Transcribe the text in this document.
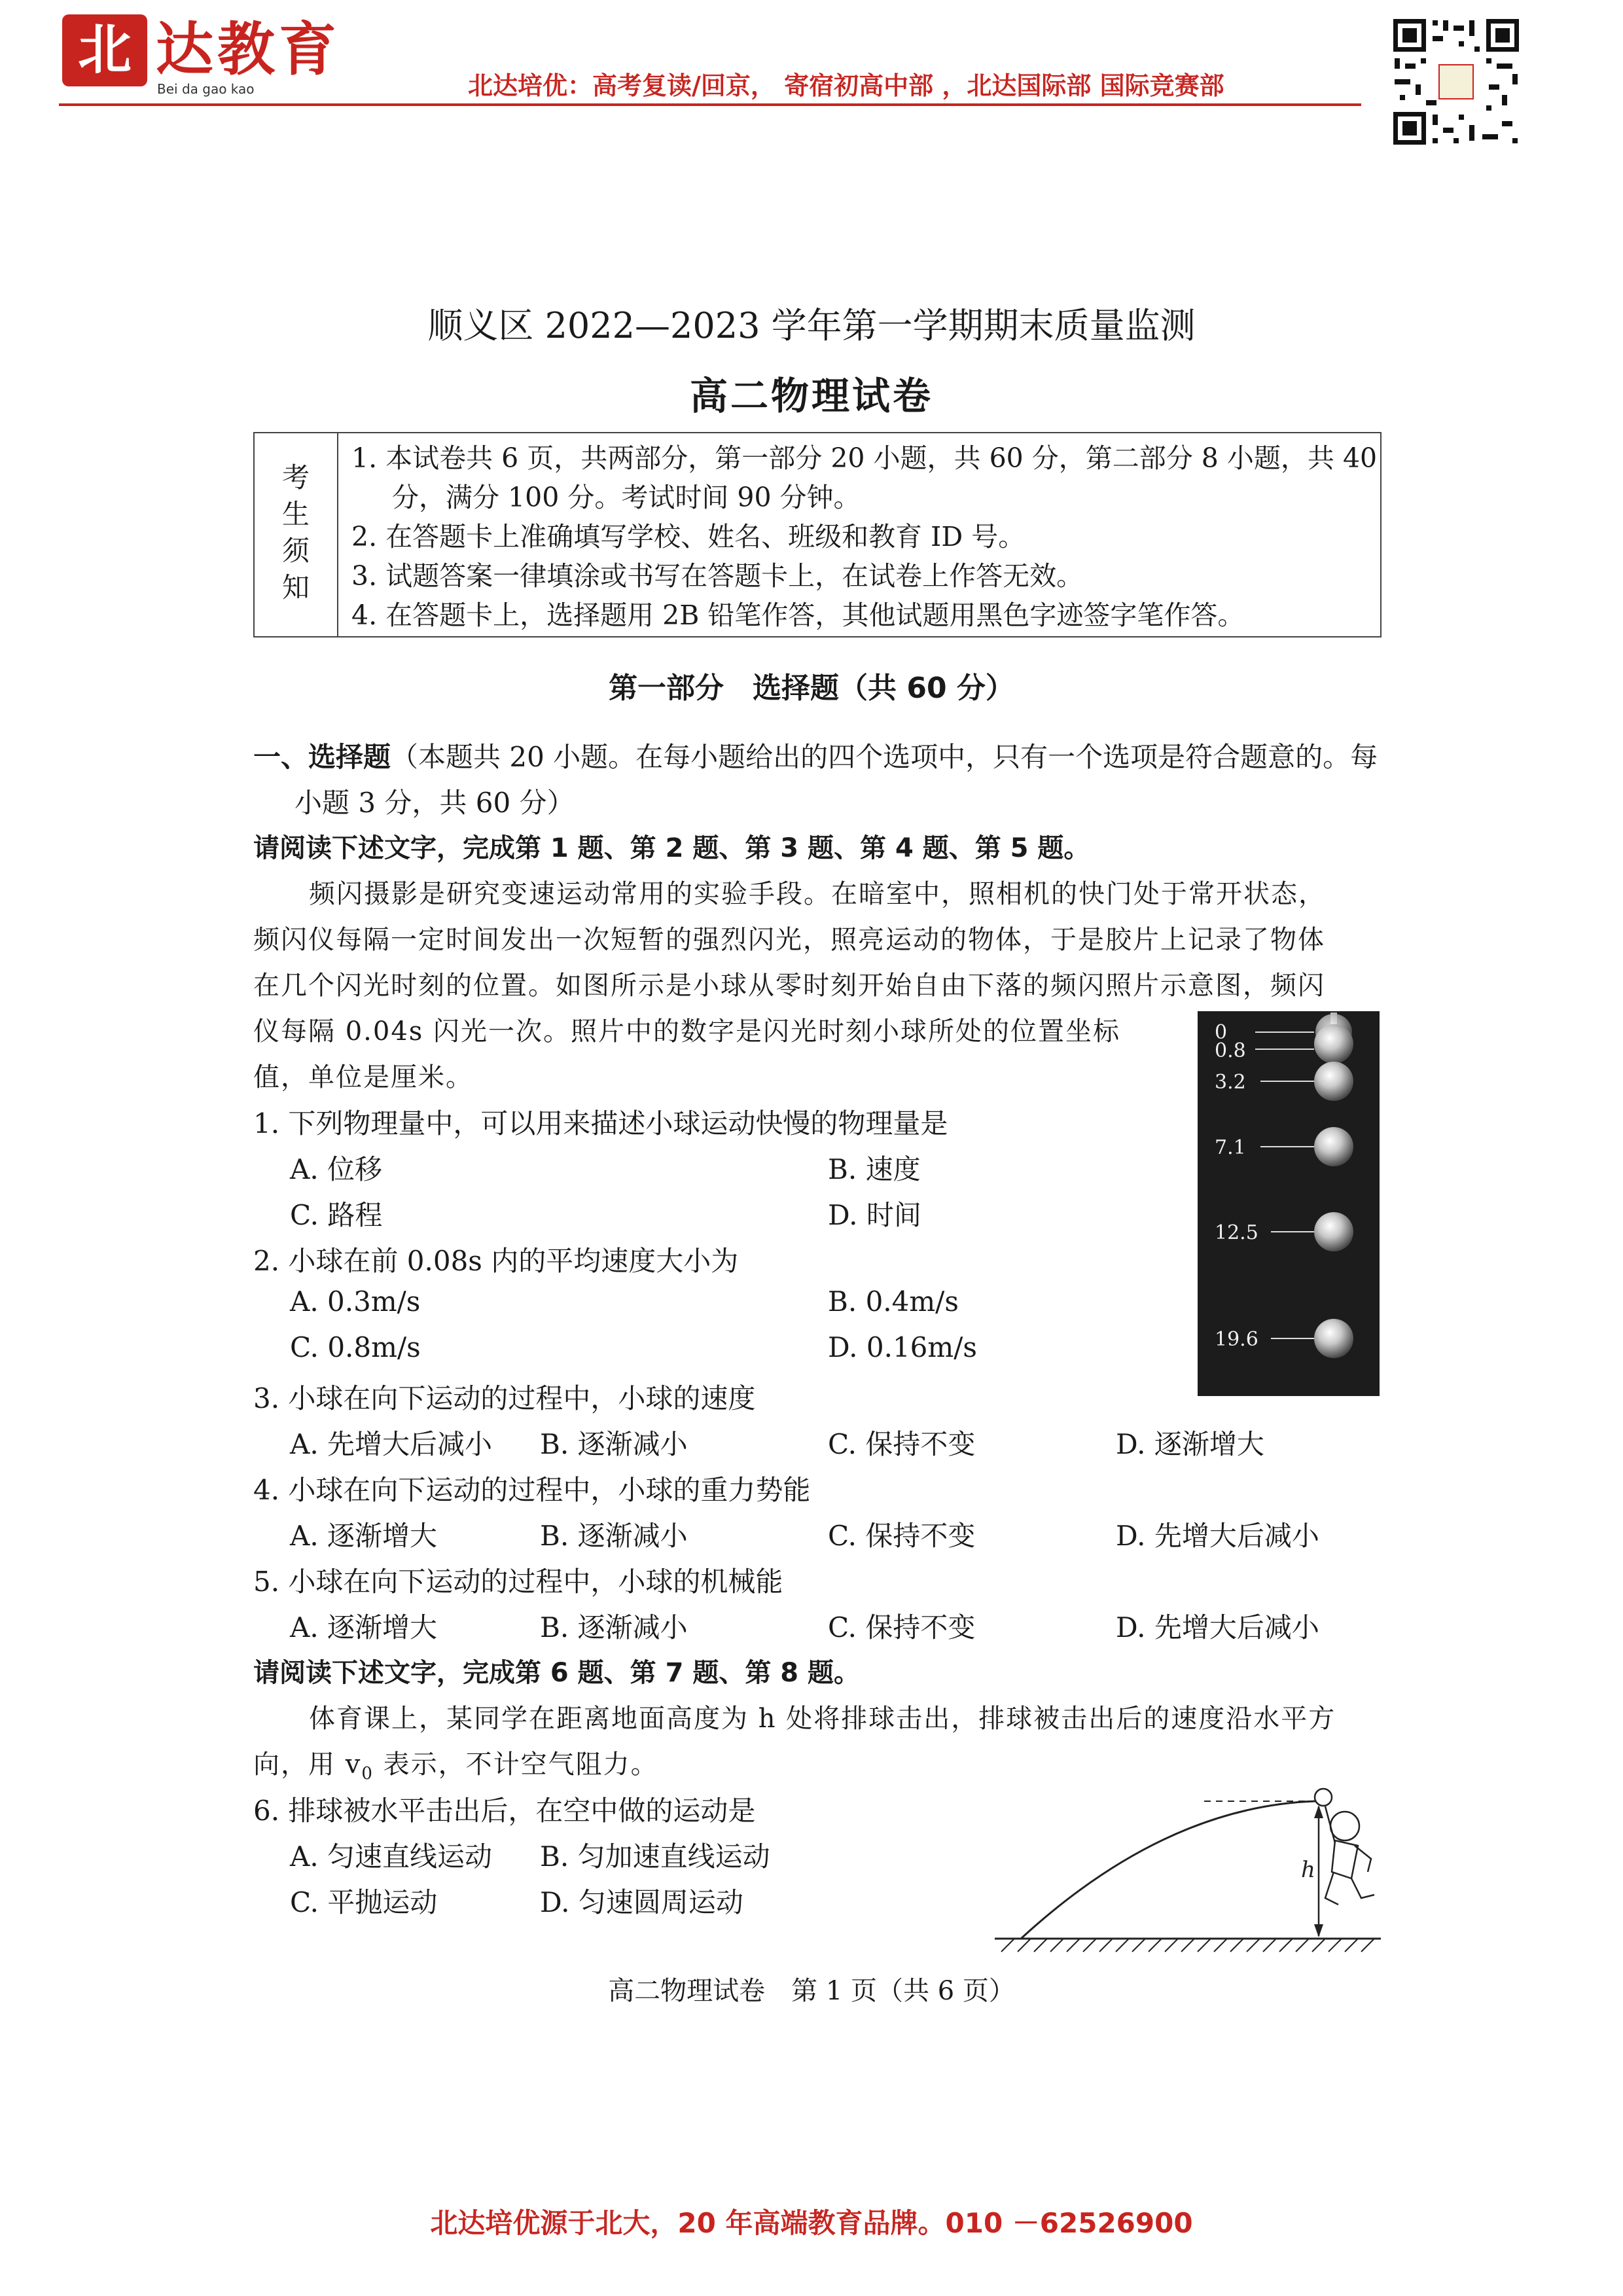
北 达教育
Bei da gao kao	北达培优：高考复读/回京， 寄宿初高中部 ，北达国际部 国际竞赛部
顺义区 2022—2023 学年第一学期期末质量监测
高二物理试卷
考
生
须
知
1. 本试卷共 6 页，共两部分，第一部分 20 小题，共 60 分，第二部分 8 小题，共 40
分，满分 100 分。考试时间 90 分钟。
2. 在答题卡上准确填写学校、姓名、班级和教育 ID 号。
3. 试题答案一律填涂或书写在答题卡上，在试卷上作答无效。
4. 在答题卡上，选择题用 2B 铅笔作答，其他试题用黑色字迹签字笔作答。
第一部分　选择题（共 60 分）
一、选择题（本题共 20 小题。在每小题给出的四个选项中，只有一个选项是符合题意的。每
小题 3 分，共 60 分）
请阅读下述文字，完成第 1 题、第 2 题、第 3 题、第 4 题、第 5 题。
频闪摄影是研究变速运动常用的实验手段。在暗室中，照相机的快门处于常开状态，
频闪仪每隔一定时间发出一次短暂的强烈闪光，照亮运动的物体，于是胶片上记录了物体
在几个闪光时刻的位置。如图所示是小球从零时刻开始自由下落的频闪照片示意图，频闪
仪每隔 0.04s 闪光一次。照片中的数字是闪光时刻小球所处的位置坐标
值，单位是厘米。
0
0.8
3.2
7.1
12.5
19.6
1. 下列物理量中，可以用来描述小球运动快慢的物理量是
A. 位移	B. 速度
C. 路程	D. 时间
2. 小球在前 0.08s 内的平均速度大小为
A. 0.3m/s	B. 0.4m/s
C. 0.8m/s	D. 0.16m/s
3. 小球在向下运动的过程中，小球的速度
A. 先增大后减小 B. 逐渐减小	C. 保持不变	D. 逐渐增大
4. 小球在向下运动的过程中，小球的重力势能
A. 逐渐增大	B. 逐渐减小	C. 保持不变	D. 先增大后减小
5. 小球在向下运动的过程中，小球的机械能
A. 逐渐增大	B. 逐渐减小	C. 保持不变	D. 先增大后减小
请阅读下述文字，完成第 6 题、第 7 题、第 8 题。
体育课上，某同学在距离地面高度为 h 处将排球击出，排球被击出后的速度沿水平方
向，用 $v_0$ 表示，不计空气阻力。
6. 排球被水平击出后，在空中做的运动是
A. 匀速直线运动 B. 匀加速直线运动
C. 平抛运动	D. 匀速圆周运动
h
高二物理试卷　第 1 页（共 6 页）
北达培优源于北大，20 年高端教育品牌。010 －62526900
